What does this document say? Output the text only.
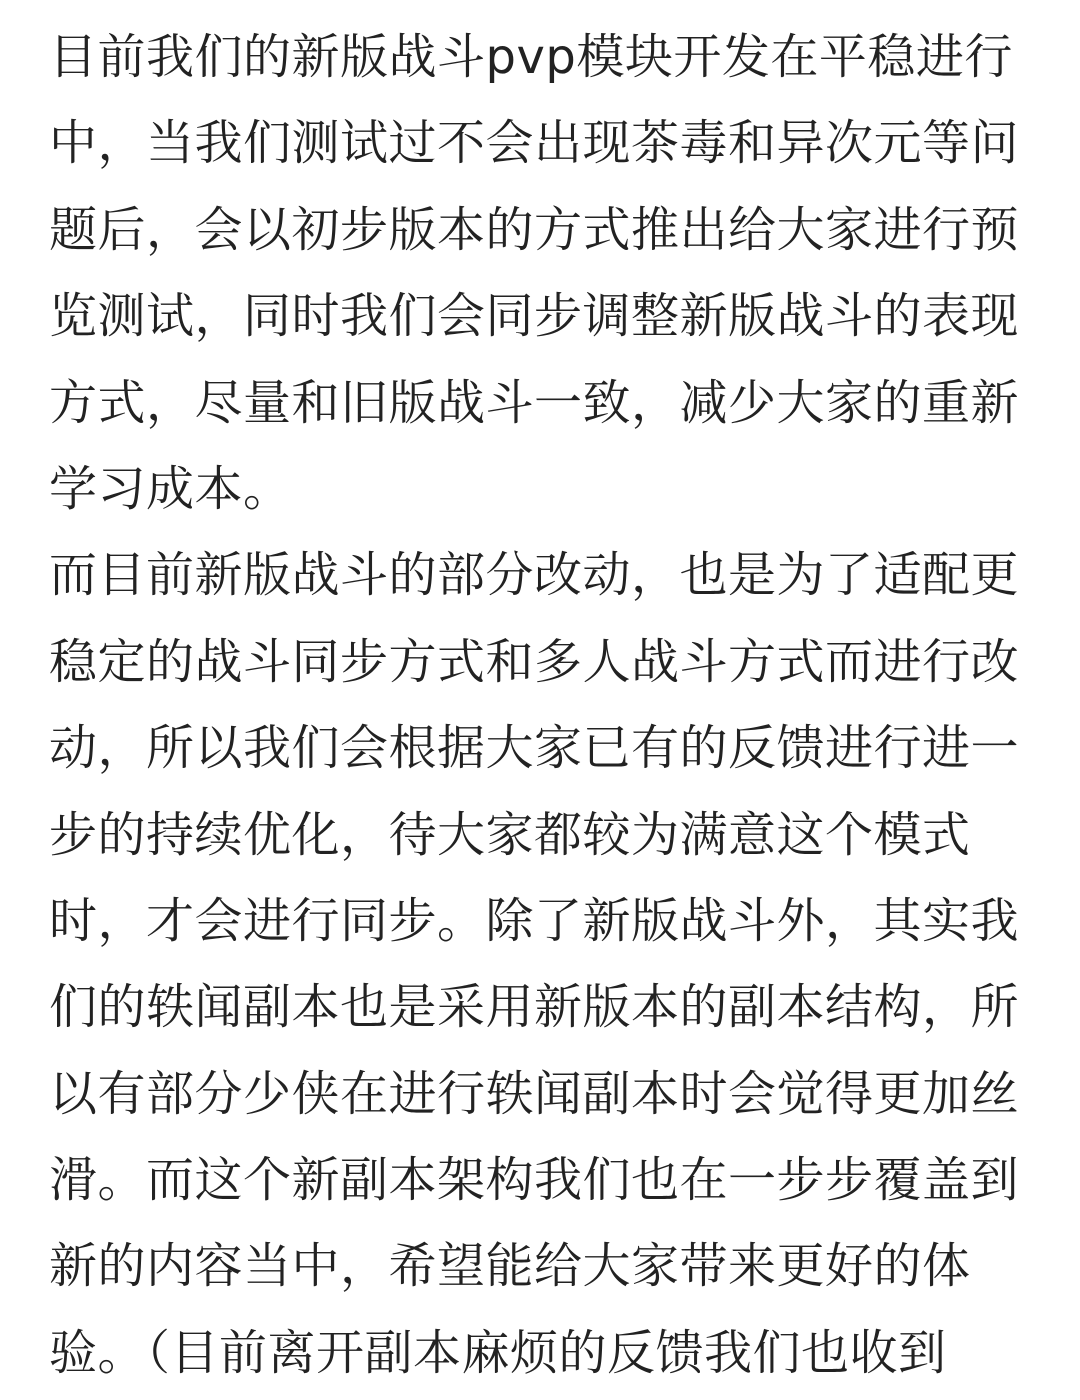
目前我们的新版战斗pvp模块开发在平稳进行
中，当我们测试过不会出现茶毒和异次元等问
题后，会以初步版本的方式推出给大家进行预
览测试，同时我们会同步调整新版战斗的表现
方式，尽量和旧版战斗一致，减少大家的重新
学习成本。
而目前新版战斗的部分改动，也是为了适配更
稳定的战斗同步方式和多人战斗方式而进行改
动，所以我们会根据大家已有的反馈进行进一
步的持续优化，待大家都较为满意这个模式
时，才会进行同步。除了新版战斗外，其实我
们的轶闻副本也是采用新版本的副本结构，所
以有部分少侠在进行轶闻副本时会觉得更加丝
滑。而这个新副本架构我们也在一步步覆盖到
新的内容当中，希望能给大家带来更好的体
验。（目前离开副本麻烦的反馈我们也收到
